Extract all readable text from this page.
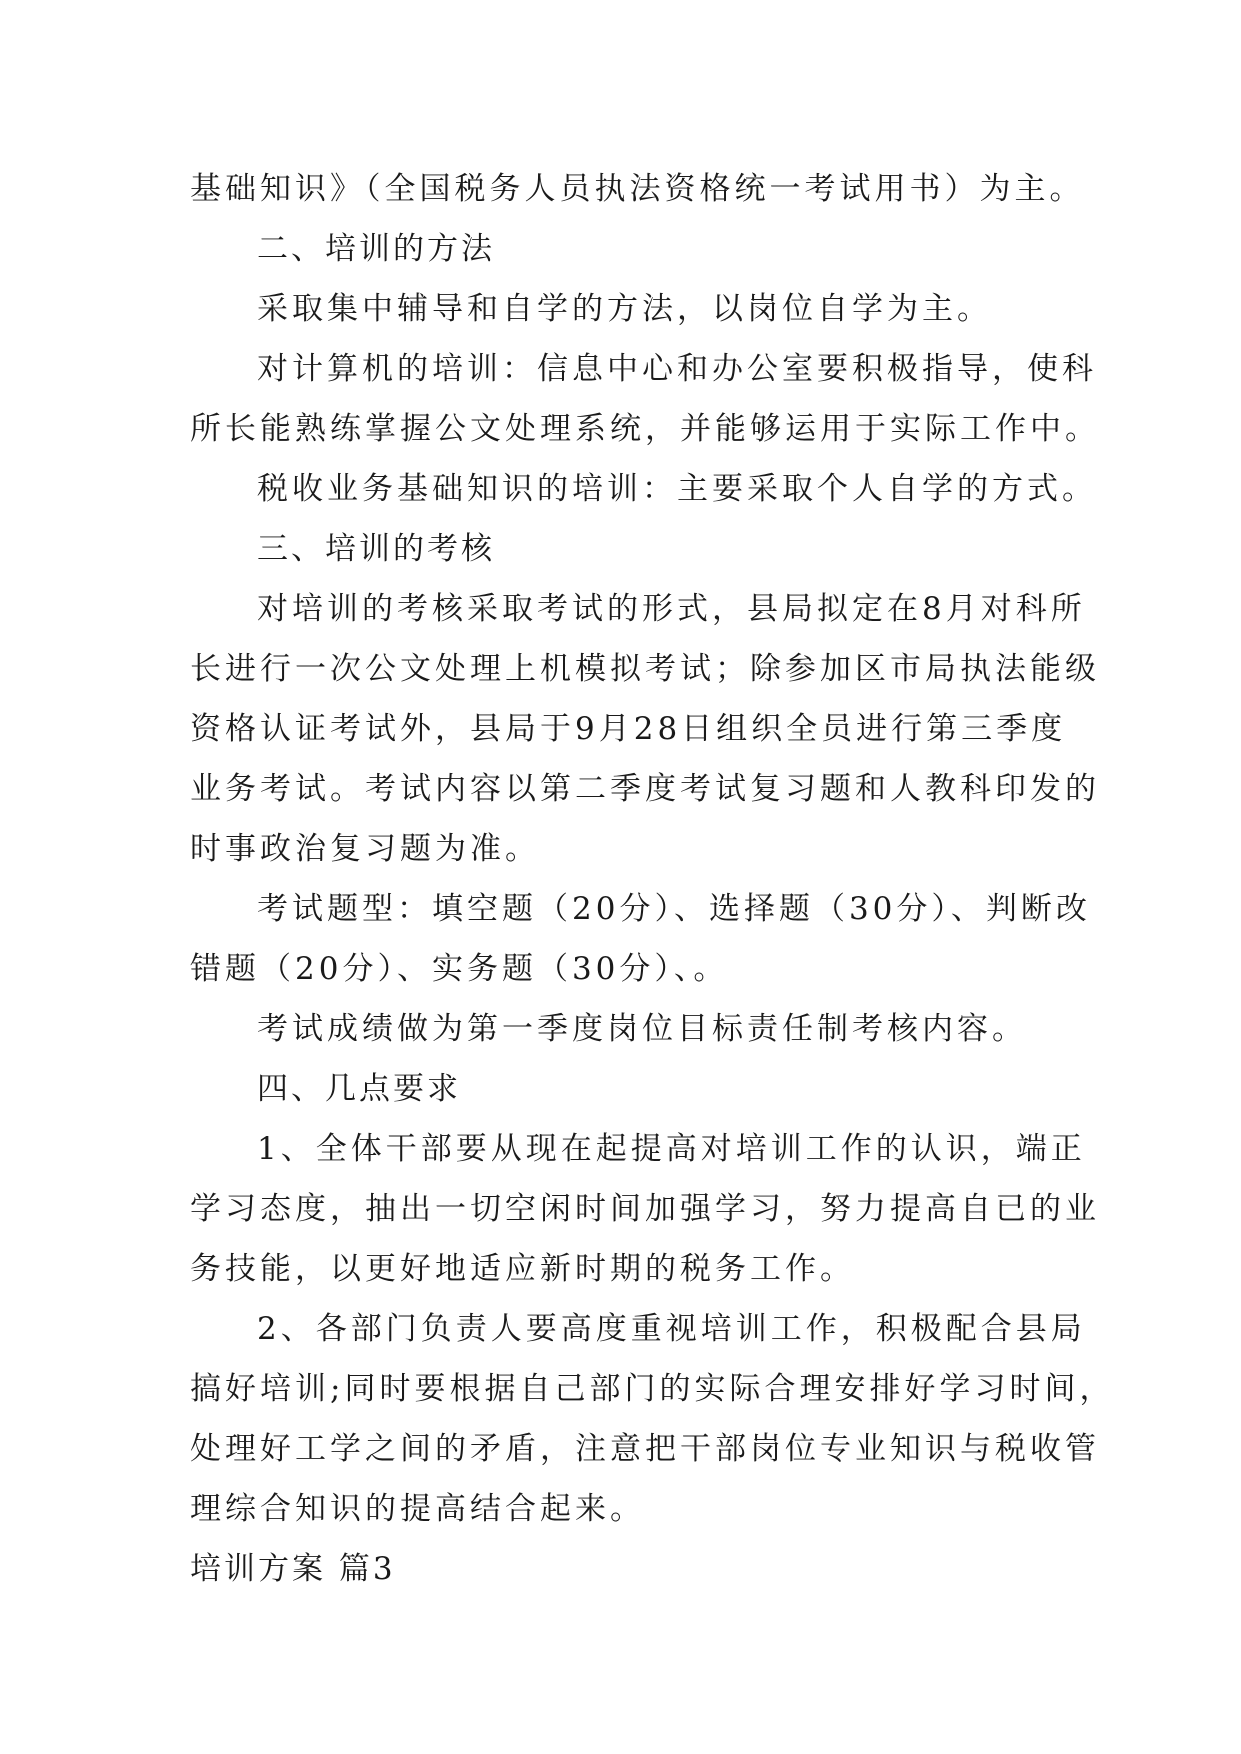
基础知识》（全国税务人员执法资格统一考试用书）为主。

二、培训的方法

采取集中辅导和自学的方法，以岗位自学为主。

对计算机的培训：信息中心和办公室要积极指导，使科

所长能熟练掌握公文处理系统，并能够运用于实际工作中。

税收业务基础知识的培训：主要采取个人自学的方式。

三、培训的考核

对培训的考核采取考试的形式，县局拟定在8月对科所

长进行一次公文处理上机模拟考试；除参加区市局执法能级

资格认证考试外，县局于9月28日组织全员进行第三季度

业务考试。考试内容以第二季度考试复习题和人教科印发的

时事政治复习题为准。

考试题型：填空题（20分）、选择题（30分）、判断改

错题（20分）、实务题（30分）、。

考试成绩做为第一季度岗位目标责任制考核内容。

四、几点要求

1、全体干部要从现在起提高对培训工作的认识，端正

学习态度，抽出一切空闲时间加强学习，努力提高自已的业

务技能，以更好地适应新时期的税务工作。

2、各部门负责人要高度重视培训工作，积极配合县局

搞好培训;同时要根据自己部门的实际合理安排好学习时间，

处理好工学之间的矛盾，注意把干部岗位专业知识与税收管

理综合知识的提高结合起来。

培训方案 篇3
